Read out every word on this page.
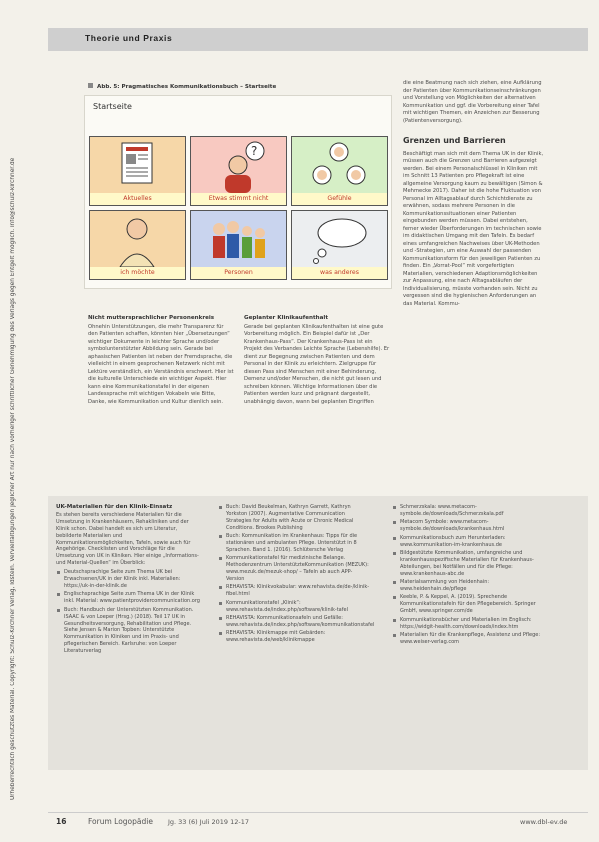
Urheberrechtlich geschütztes Material. Copyright: Schulz-Kirchner Verlag, Idstein. Vervielfältigungen jeglicher Art nur nach vorheriger schriftlicher Genehmigung des Verlags gegen Entgelt möglich. info@schulz-kirchner.de
Theorie und Praxis
Abb. 5: Pragmatisches Kommunikationsbuch – Startseite
Startseite
Aktuelles
?
Etwas stimmt nicht	Gefühle
ich möchte	Personen	was anderes
Nicht muttersprachlicher Personenkreis

Ohnehin Unterstützungen, die mehr Transparenz für den Patienten schaffen, könnten hier „Übersetzungen“ wichtiger Dokumente in leichter Sprache und/oder symbolunterstützter Abbildung sein. Gerade bei aphasischen Patienten ist neben der Fremdsprache, die vielleicht in einem gesprochenen Netzwerk nicht mit Lektüre verständlich, ein Verständnis erschwert. Hier ist die kulturelle Unterschiede ein wichtiger Aspekt. Hier kann eine Kommunikationstafel in der eigenen Landessprache mit wichtigen Vokabeln wie Bitte, Danke, wie Kommunikation und Kultur dienlich sein.

Geplanter Klinikaufenthalt

Gerade bei geplanten Klinikaufenthalten ist eine gute Vorbereitung möglich. Ein Beispiel dafür ist „Der Krankenhaus-Pass“. Der Krankenhaus-Pass ist ein Projekt des Verbandes Leichte Sprache (Lebenshilfe). Er dient zur Begegnung zwischen Patienten und dem Personal in der Klinik zu erleichtern. Zielgruppe für diesen Pass sind Menschen mit einer Behinderung, Demenz und/oder Menschen, die nicht gut lesen und schreiben können. Wichtige Informationen über die Patienten werden kurz und prägnant dargestellt, unabhängig davon, wann bei geplanten Eingriffen

die eine Beatmung nach sich ziehen, eine Aufklärung der Patienten über Kommunikationseinschränkungen und Vorstellung von Möglichkeiten der alternativen Kommunikation und ggf. die Vorbereitung einer Tafel mit wichtigen Themen, ein Anzeichen zur Besserung (Patientenversorgung).

Grenzen und Barrieren

Beschäftigt man sich mit dem Thema UK in der Klinik, müssen auch die Grenzen und Barrieren aufgezeigt werden. Bei einem Personalschlüssel in Kliniken mit im Schnitt 13 Patienten pro Pflegekraft ist eine allgemeine Versorgung kaum zu bewältigen (Simon & Mehmecke 2017). Daher ist die hohe Fluktuation von Personal im Alltagsablauf durch Schichtdienste zu erwähnen, sodass mehrere Personen in die Kommunikationssituationen einer Patienten eingebunden werden müssen. Dabei entstehen, ferner wieder Überforderungen im technischen sowie im didaktischen Umgang mit den Tafeln. Es bedarf eines umfangreichen Nachweises über UK-Methoden und -Strategien, um eine Auswahl der passenden Kommunikationsform für den jeweiligen Patienten zu finden. Ein „Vorrat-Pool“ mit vorgefertigten Materialien, verschiedenen Adaptionsmöglichkeiten zur Anpassung, eine nach Alltagsabläufen der Individualisierung, müsste vorhanden sein. Nicht zu vergessen sind die hygienischen Anforderungen an das Material. Kommu-

UK-Materialien für den Klinik-Einsatz

Es stehen bereits verschiedene Materialien für die Umsetzung in Krankenhäusern, Rehakliniken und der Klinik schon. Dabei handelt es sich um Literatur, bebilderte Materialien und Kommunikationsmöglichkeiten, Tafeln, sowie auch für Angehörige. Checklisten und Vorschläge für die Umsetzung von UK in Kliniken. Hier einige „Informations- und Material-Quellen“ im Überblick:

Deutschsprachige Seite zum Thema UK bei Erwachsenen/UK in der Klinik inkl. Materialien: https://uk-in-der-klinik.de
Englischsprachige Seite zum Thema UK in der Klinik inkl. Material: www.patientprovidercommunication.org
Buch: Handbuch der Unterstützten Kommunikation. ISAAC & von Loeper (Hrsg.) (2018). Teil 17 UK in Gesundheitsversorgung, Rehabilitation und Pflege. Siehe Jensen & Marion Topben: Unterstützte Kommunikation in Kliniken und im Praxis- und pflegerischen Bereich. Karlsruhe: von Loeper Literaturverlag
Buch: David Beukelman, Kathryn Garrett, Kathryn Yorkston (2007). Augmentative Communication Strategies for Adults with Acute or Chronic Medical Conditions. Brookes Publishing
Buch: Kommunikation im Krankenhaus: Tipps für die stationären und ambulanten Pflege. Unterstützt in 8 Sprachen. Band 1. (2016). Schlütersche Verlag
Kommunikationstafel für medizinische Belange. Methodenzentrum UnterstützteKommunikation (MEZUK): www.mezuk.de/mezuk-shop/ – Tafeln ab auch APP-Version
REHAVISTA: Klinikvokabular: www.rehavista.de/de-/klinik-fibel.html
Kommunikationstafel „Klinik“: www.rehavista.de/index.php/software/klinik-tafel
REHAVISTA: Kommunikationsafeln und Gefälle: www.rehavista.de/index.php/software/kommunikationstafel
REHAVISTA: Klinikmappe mit Gebärden: www.rehavista.de/web/klinikmappe
Schmerzskala: www.metacom-symbole.de/downloads/Schmerzskala.pdf
Metacom Symbole: www.metacom-symbole.de/downloads/krankenhaus.html
Kommunikationsbuch zum Herunterladen: www.kommunikation-im-krankenhaus.de
Bildgestützte Kommunikation, umfangreiche und krankenhausspezifische Materialien für Krankenhaus-Abteilungen, bei Notfällen und für die Pflege: www.krankenhaus-abc.de
Materialsammlung von Heidenhain: www.heidenhain.de/pflege
Keeble, P. & Keppel, A. (2019). Sprechende Kommunikationstafeln für den Pflegebereich. Springer GmbH, www.springer.com/de
Kommunikationsbücher und Materialien im Englisch: https://widgit-health.com/downloads/index.htm
Materialien für die Krankenpflege, Assistenz und Pflege: www.weiser-verlag.com
16	Forum Logopädie Jg. 33 (6) Juli 2019 12-17	www.dbl-ev.de
